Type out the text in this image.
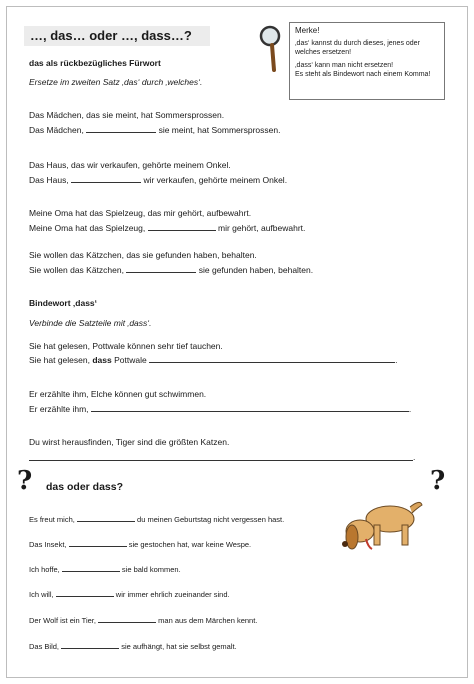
…, das… oder …, dass…?	Merke!

‚das‘ kannst du durch dieses, jenes oder welches ersetzen!

‚dass‘ kann man nicht ersetzen!
Es steht als Bindewort nach einem Komma!
das als rückbezügliches Fürwort
Ersetze im zweiten Satz ‚das‘ durch ‚welches‘.
Das Mädchen, das sie meint, hat Sommersprossen.
Das Mädchen,	sie meint, hat Sommersprossen.
Das Haus, das wir verkaufen, gehörte meinem Onkel.
Das Haus,	wir verkaufen, gehörte meinem Onkel.
Meine Oma hat das Spielzeug, das mir gehört, aufbewahrt.
Meine Oma hat das Spielzeug,	mir gehört, aufbewahrt.
Sie wollen das Kätzchen, das sie gefunden haben, behalten.
Sie wollen das Kätzchen,	sie gefunden haben, behalten.
Bindewort ‚dass‘
Verbinde die Satzteile mit ‚dass‘.
Sie hat gelesen, Pottwale können sehr tief tauchen.
Sie hat gelesen, dass Pottwale	.
Er erzählte ihm, Elche können gut schwimmen.
Er erzählte ihm,	.
Du wirst herausfinden, Tiger sind die größten Katzen.
.
?	?
das oder dass?
Es freut mich,	du meinen Geburtstag nicht vergessen hast.
Das Insekt,	sie gestochen hat, war keine Wespe.
Ich hoffe,	sie bald kommen.
Ich will,	wir immer ehrlich zueinander sind.
Der Wolf ist ein Tier,	man aus dem Märchen kennt.
Das Bild,	sie aufhängt, hat sie selbst gemalt.
